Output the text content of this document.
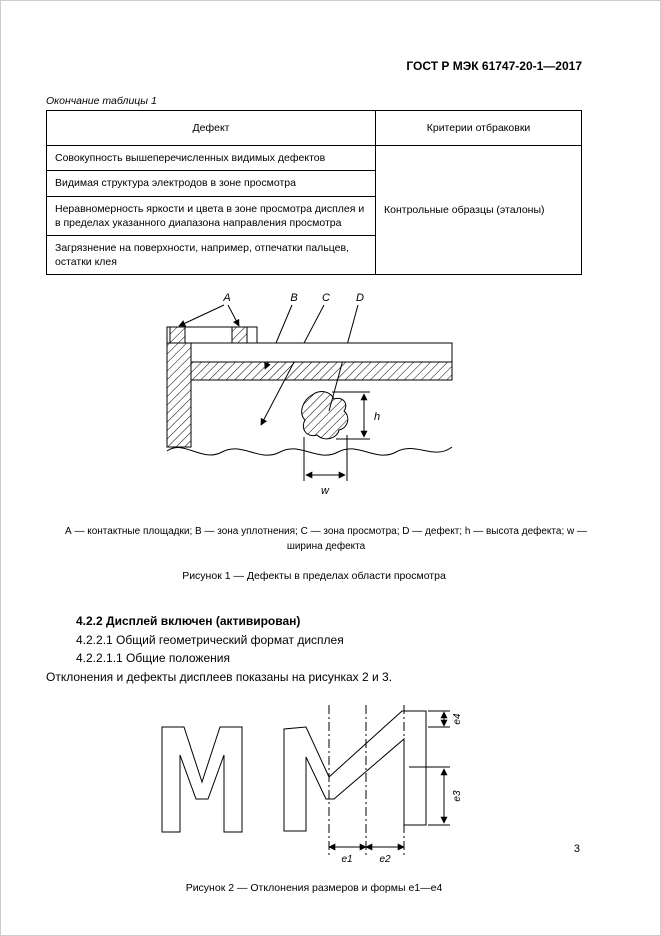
ГОСТ Р МЭК 61747-20-1—2017
Окончание таблицы 1
Дефект	Критерии отбраковки
Совокупность вышеперечисленных видимых дефектов	Контрольные образцы (эталоны)
Видимая структура электродов в зоне просмотра	
Неравномерность яркости и цвета в зоне просмотра дисплея и в пределах указанного диапазона направления просмотра	
Загрязнение на поверхности, например, отпечатки пальцев, остатки клея	
А	В С D
h
w
А — контактные площадки; В — зона уплотнения; С — зона просмотра; D — дефект; h — высота дефекта; w — ширина дефекта
Рисунок 1 — Дефекты в пределах области просмотра
4.2.2 Дисплей включен (активирован)
4.2.2.1 Общий геометрический формат дисплея
4.2.2.1.1 Общие положения
Отклонения и дефекты дисплеев показаны на рисунках 2 и 3.
e1	e2
e4
e3
Рисунок 2 — Отклонения размеров и формы е1—е4
3
